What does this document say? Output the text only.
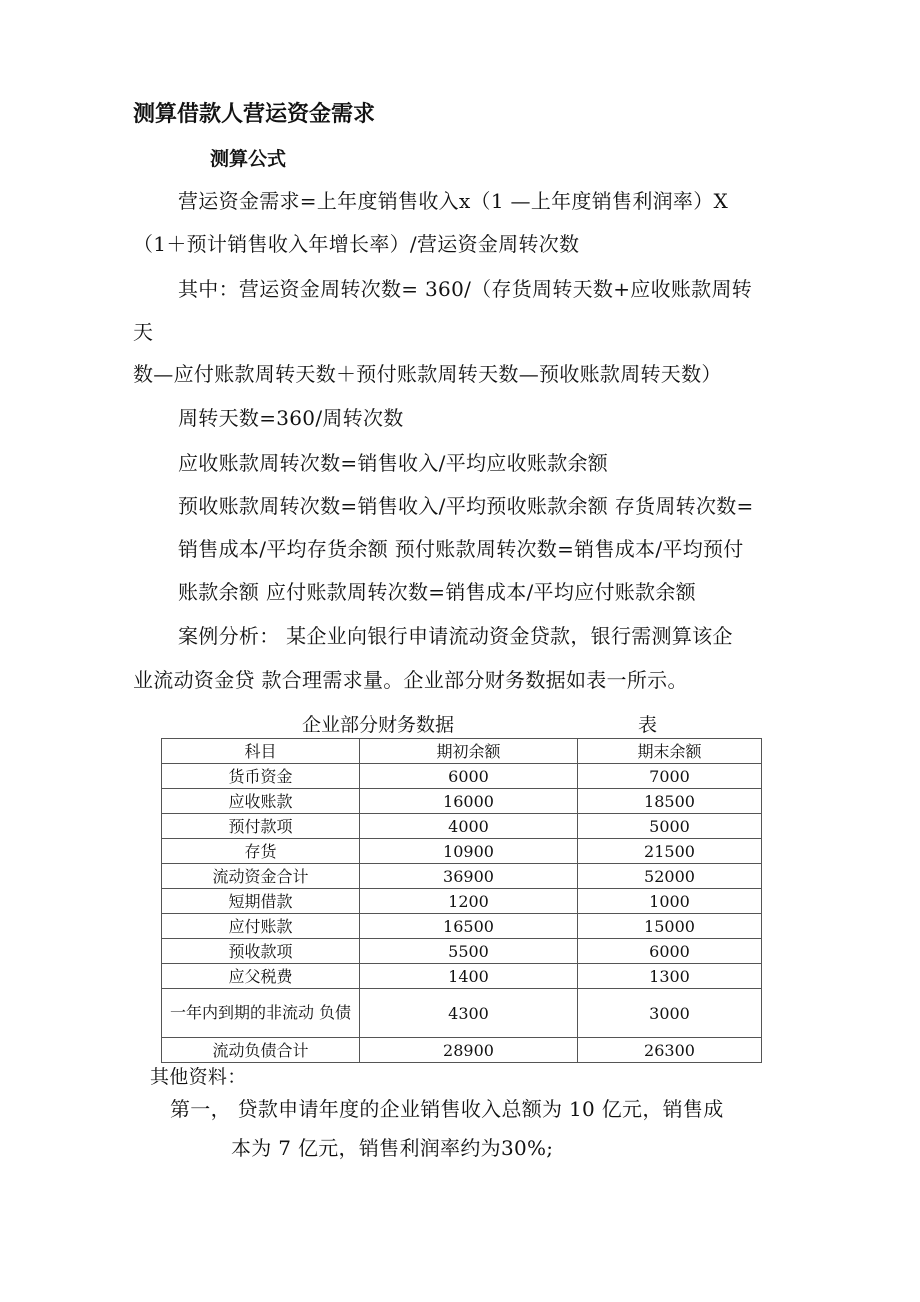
测算借款人营运资金需求
测算公式
营运资金需求=上年度销售收入x（1 —上年度销售利润率）X
（1＋预计销售收入年增长率）/营运资金周转次数
其中：营运资金周转次数= 360/（存货周转天数+应收账款周转
天
数—应付账款周转天数＋预付账款周转天数—预收账款周转天数）
周转天数=360/周转次数
应收账款周转次数=销售收入/平均应收账款余额
预收账款周转次数=销售收入/平均预收账款余额 存货周转次数=
销售成本/平均存货余额 预付账款周转次数=销售成本/平均预付
账款余额 应付账款周转次数=销售成本/平均应付账款余额
案例分析： 某企业向银行申请流动资金贷款，银行需测算该企
业流动资金贷 款合理需求量。企业部分财务数据如表一所示。
企业部分财务数据	表
科目	期初余额	期末余额
货币资金	6000	7000
应收账款	16000	18500
预付款项	4000	5000
存货	10900	21500
流动资金合计	36900	52000
短期借款	1200	1000
应付账款	16500	15000
预收款项	5500	6000
应父税费	1400	1300
一年内到期的非流动 负债	4300	3000
流动负债合计	28900	26300
其他资料：
第一， 贷款申请年度的企业销售收入总额为 10 亿元，销售成
本为 7 亿元，销售利润率约为30%;
